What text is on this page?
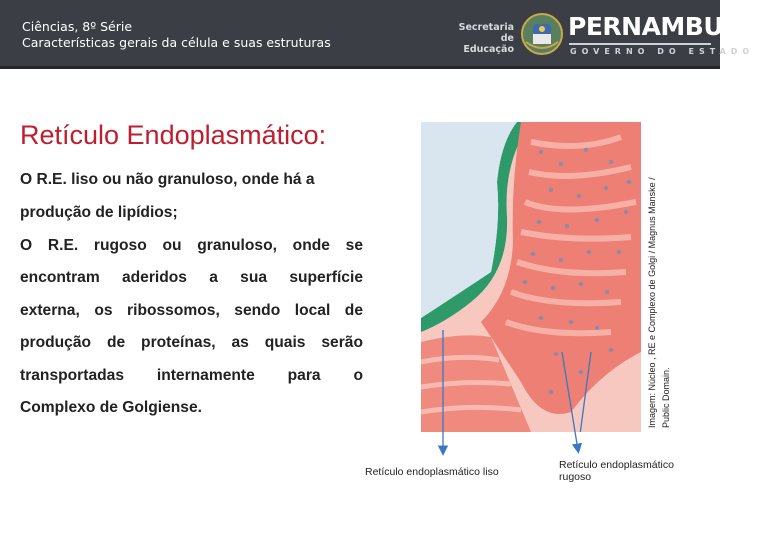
Ciências, 8º Série
Características gerais da célula e suas estruturas
Secretaria de
Educação
PERNAMBUCO
GOVERNO DO ESTADO
Retículo Endoplasmático:
O R.E. liso ou não granuloso, onde há a
produção de lipídios;
O R.E. rugoso ou granuloso, onde se
encontram aderidos a sua superfície
externa, os ribossomos, sendo local de
produção de proteínas, as quais serão
transportadas internamente para o
Complexo de Golgiense.	Imagem: Núcleo , RE e Complexo de Golgi / Magnus Manske / Public Domain.
Retículo endoplasmático liso
Retículo endoplasmático
rugoso
